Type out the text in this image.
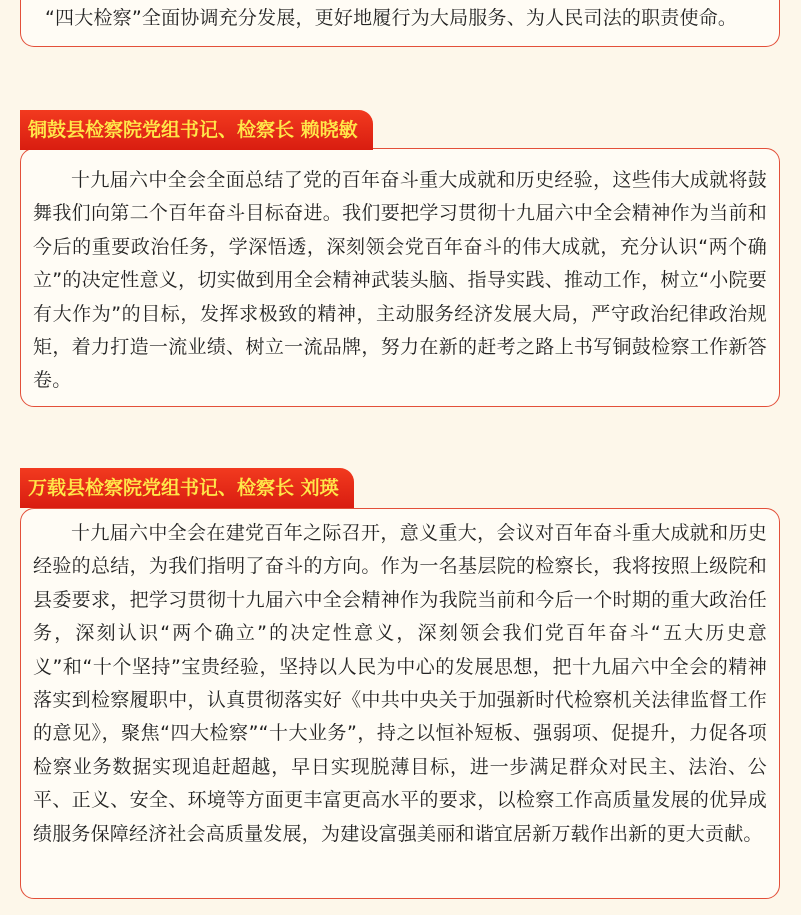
“四大检察”全面协调充分发展，更好地履行为大局服务、为人民司法的职责使命。

铜鼓县检察院党组书记、检察长 赖晓敏

十九届六中全会全面总结了党的百年奋斗重大成就和历史经验，这些伟大成就将鼓舞我们向第二个百年奋斗目标奋进。我们要把学习贯彻十九届六中全会精神作为当前和今后的重要政治任务，学深悟透，深刻领会党百年奋斗的伟大成就，充分认识“两个确立”的决定性意义，切实做到用全会精神武装头脑、指导实践、推动工作，树立“小院要有大作为”的目标，发挥求极致的精神，主动服务经济发展大局，严守政治纪律政治规矩，着力打造一流业绩、树立一流品牌，努力在新的赶考之路上书写铜鼓检察工作新答卷。

万载县检察院党组书记、检察长 刘瑛

十九届六中全会在建党百年之际召开，意义重大，会议对百年奋斗重大成就和历史经验的总结，为我们指明了奋斗的方向。作为一名基层院的检察长，我将按照上级院和县委要求，把学习贯彻十九届六中全会精神作为我院当前和今后一个时期的重大政治任务，深刻认识“两个确立”的决定性意义，深刻领会我们党百年奋斗“五大历史意义”和“十个坚持”宝贵经验，坚持以人民为中心的发展思想，把十九届六中全会的精神落实到检察履职中，认真贯彻落实好《中共中央关于加强新时代检察机关法律监督工作的意见》，聚焦“四大检察”“十大业务”，持之以恒补短板、强弱项、促提升，力促各项检察业务数据实现追赶超越，早日实现脱薄目标，进一步满足群众对民主、法治、公平、正义、安全、环境等方面更丰富更高水平的要求，以检察工作高质量发展的优异成绩服务保障经济社会高质量发展，为建设富强美丽和谐宜居新万载作出新的更大贡献。
